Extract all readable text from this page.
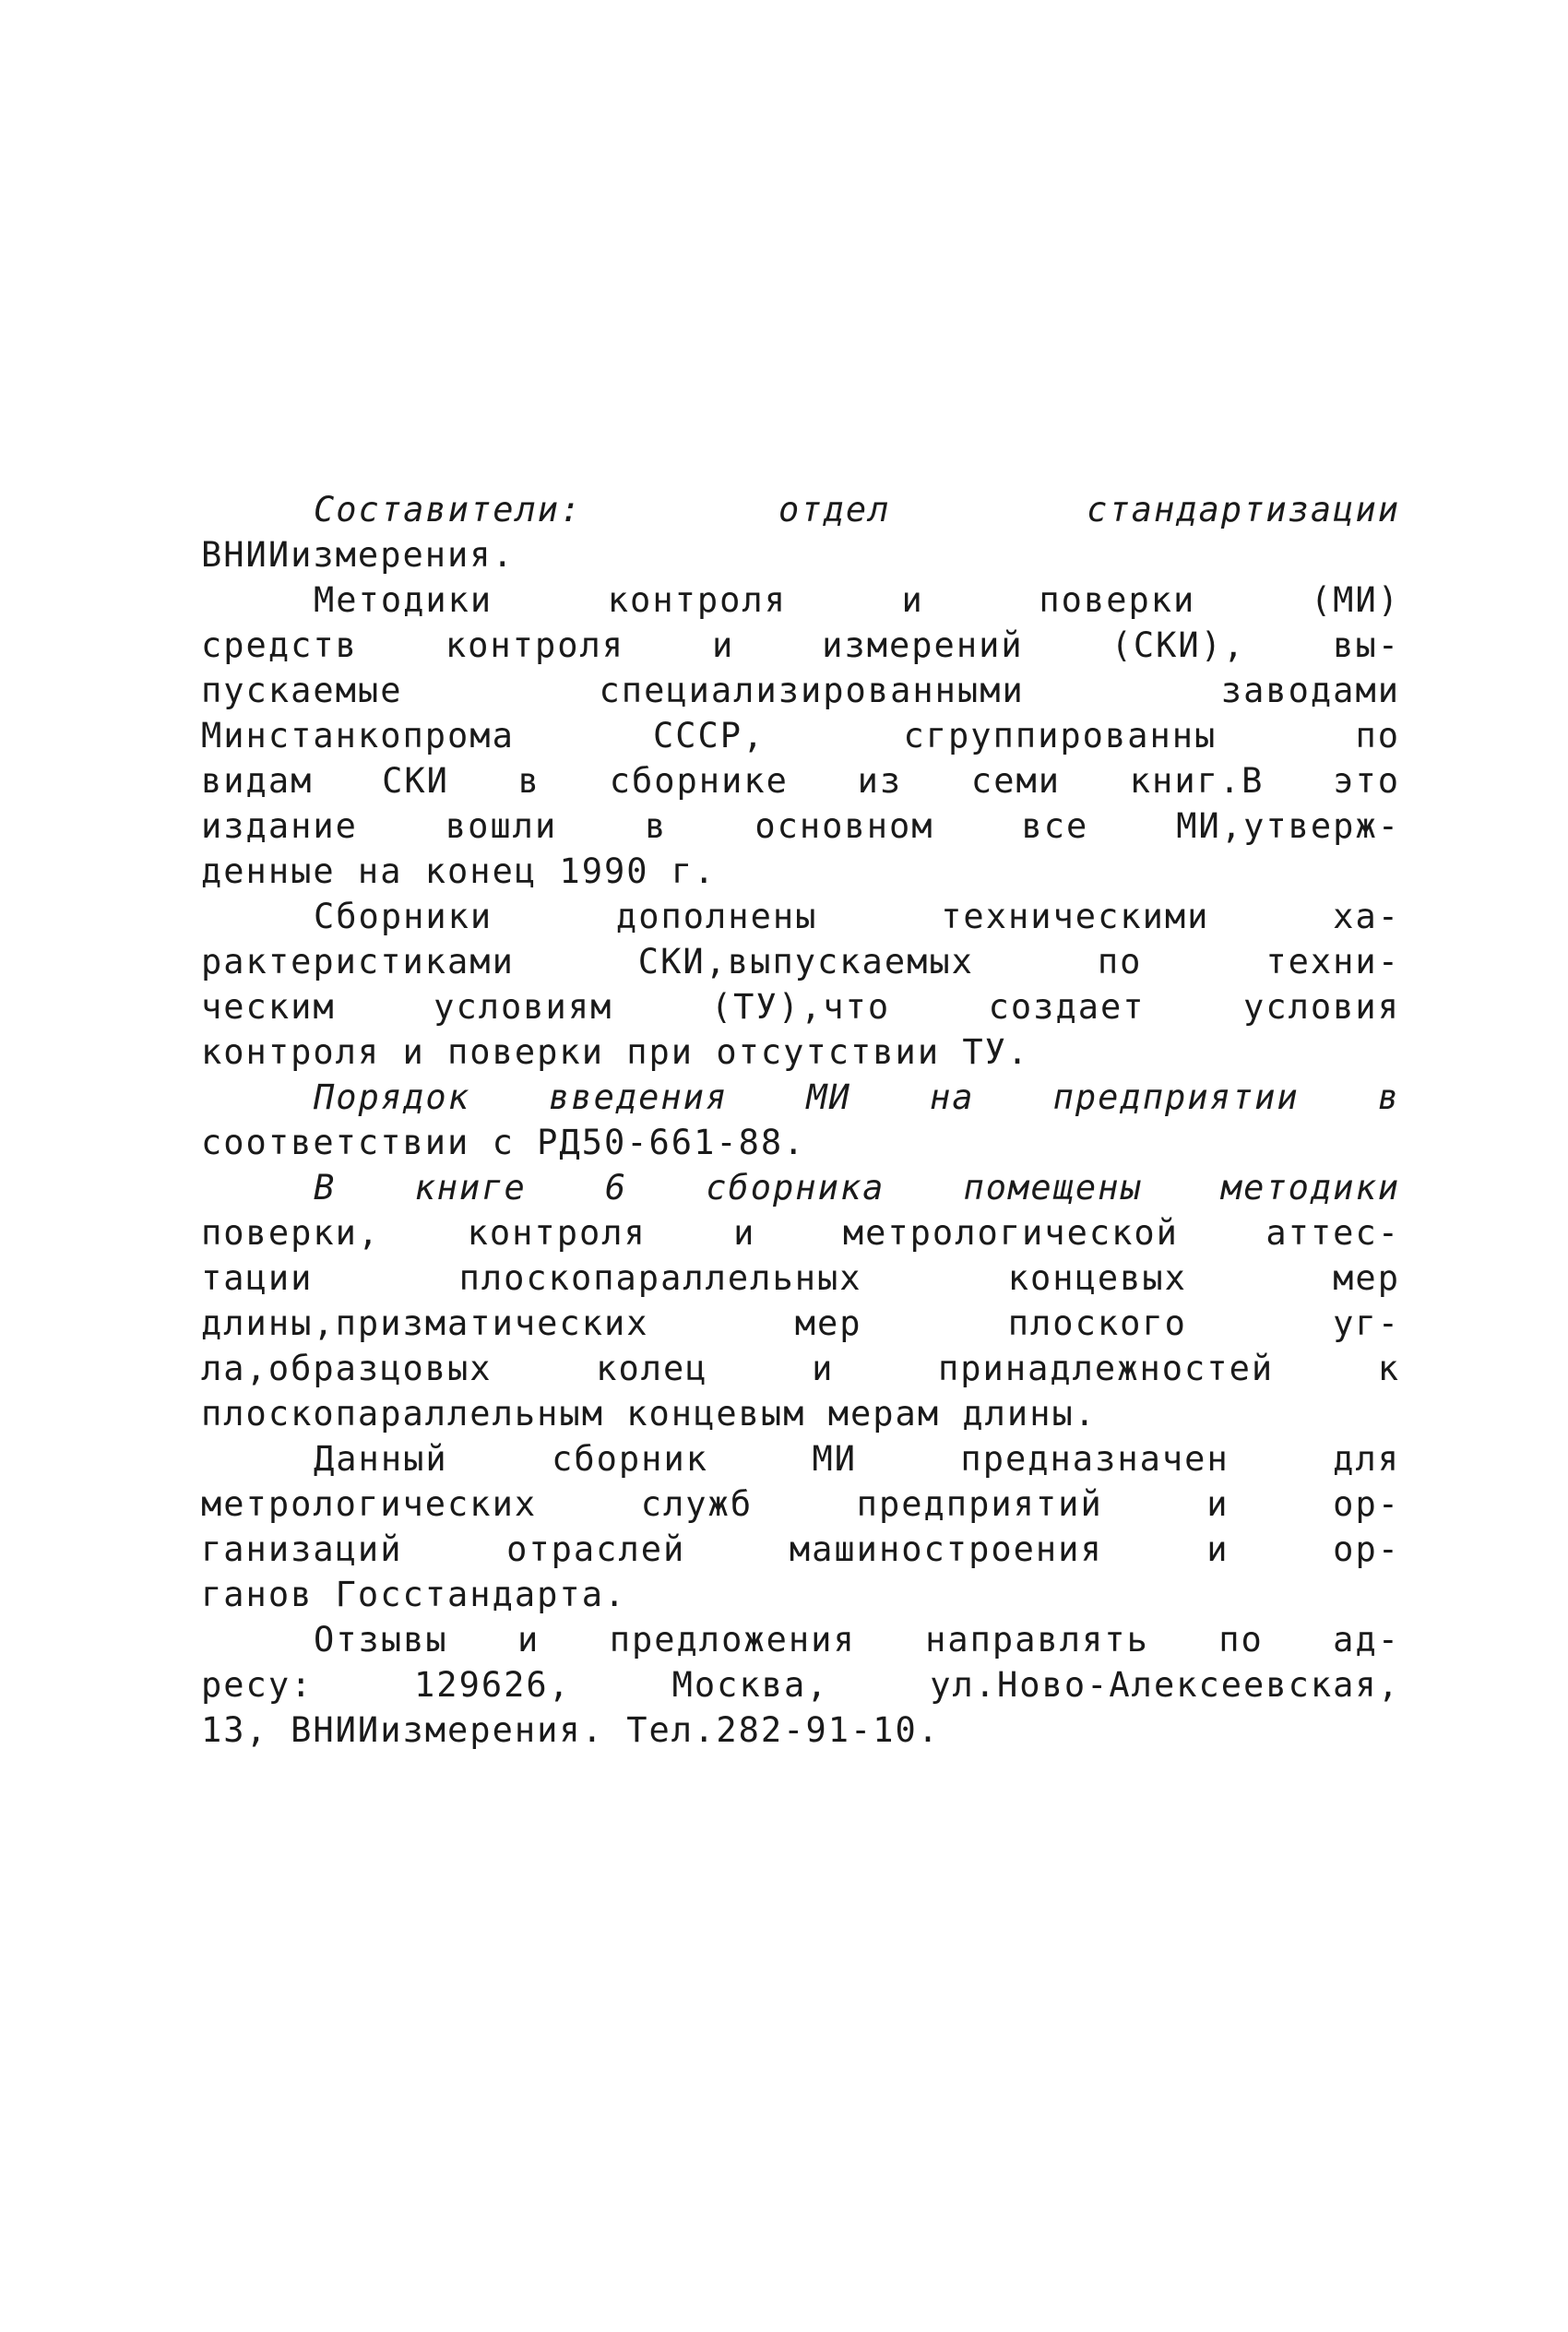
Составители: отдел стандартизации
ВНИИизмерения.
Методики контроля и поверки (МИ)
средств контроля и измерений (СКИ), вы-
пускаемые специализированными заводами
Минстанкопрома СССР, сгруппированны по
видам СКИ в сборнике из семи книг.В это
издание вошли в основном все МИ,утверж-
денные на конец 1990 г.
Сборники дополнены техническими ха-
рактеристиками СКИ,выпускаемых по техни-
ческим условиям (ТУ),что создает условия
контроля и поверки при отсутствии ТУ.
Порядок введения МИ на предприятии в
соответствии с РД50-661-88.
В книге 6 сборника помещены методики
поверки, контроля и метрологической аттес-
тации плоскопараллельных концевых мер
длины,призматических мер плоского уг-
ла,образцовых колец и принадлежностей к
плоскопараллельным концевым мерам длины.
Данный сборник МИ предназначен для
метрологических служб предприятий и ор-
ганизаций отраслей машиностроения и ор-
ганов Госстандарта.
Отзывы и предложения направлять по ад-
ресу: 129626, Москва, ул.Ново-Алексеевская,
13, ВНИИизмерения. Тел.282-91-10.
